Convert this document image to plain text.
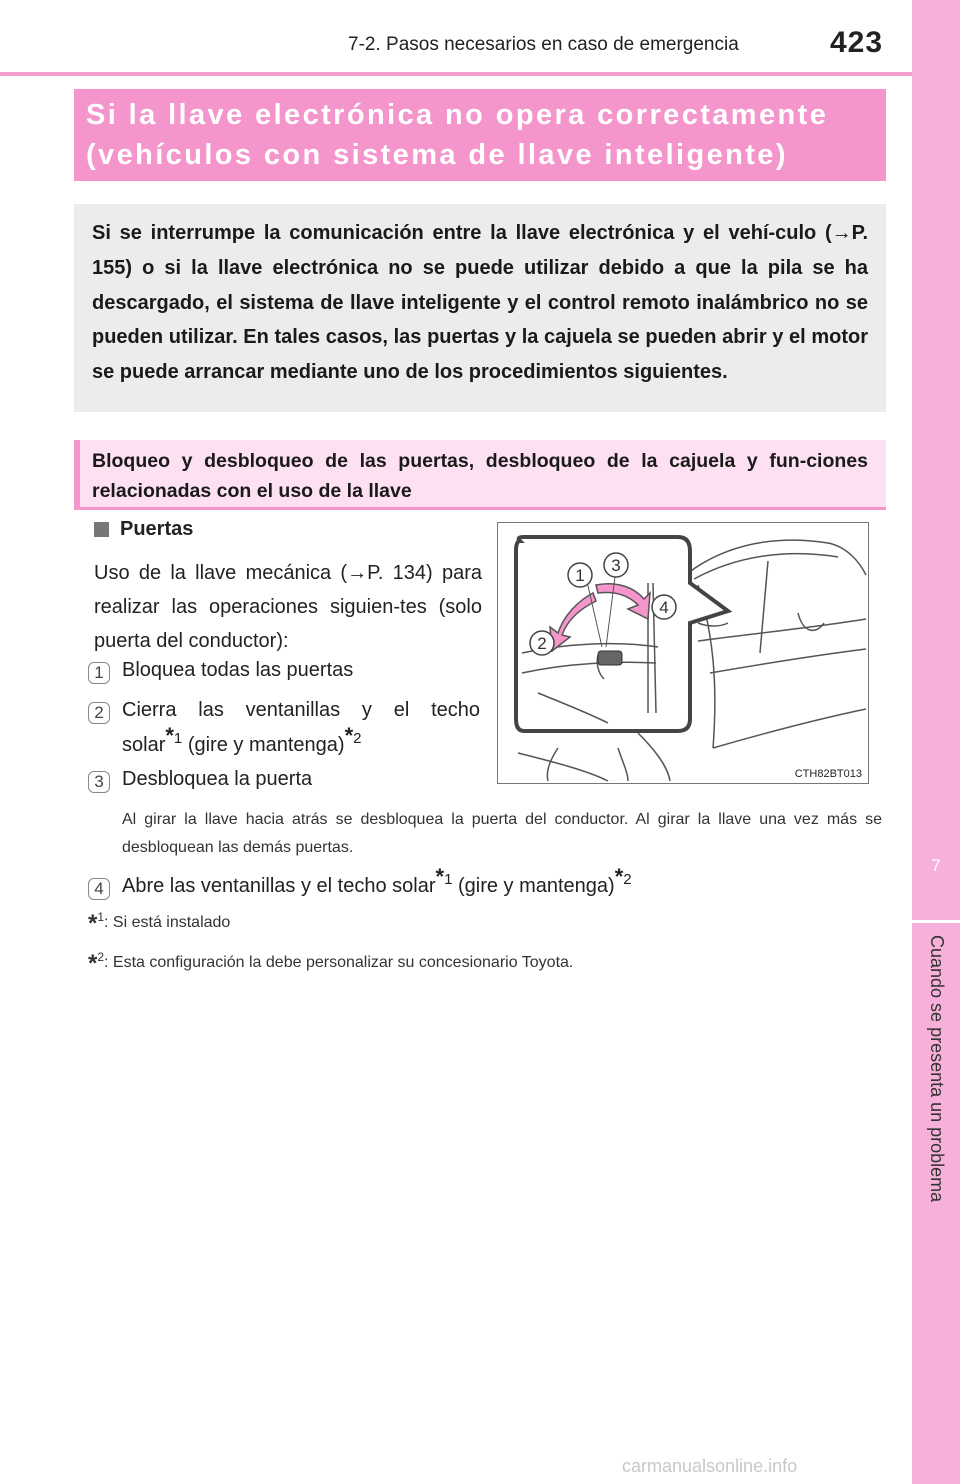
7-2. Pasos necesarios en caso de emergencia	423
7
Cuando se presenta un problema
Si la llave electrónica no opera correctamente
(vehículos con sistema de llave inteligente)
Si se interrumpe la comunicación entre la llave electrónica y el vehí-culo (→P. 155) o si la llave electrónica no se puede utilizar debido a que la pila se ha descargado, el sistema de llave inteligente y el control remoto inalámbrico no se pueden utilizar. En tales casos, las puertas y la cajuela se pueden abrir y el motor se puede arrancar mediante uno de los procedimientos siguientes.
Bloqueo y desbloqueo de las puertas, desbloqueo de la cajuela y fun-ciones relacionadas con el uso de la llave
Puertas
Uso de la llave mecánica (→P. 134) para realizar las operaciones siguien-tes (solo puerta del conductor):
1 Bloquea todas las puertas
2 Cierra las ventanillas y el techo
solar$^{*1}$ (gire y mantenga)$^{*2}$
3 Desbloquea la puerta
Al girar la llave hacia atrás se desbloquea la puerta del conductor. Al girar la llave una vez más se desbloquean las demás puertas.
4 Abre las ventanillas y el techo solar$^{*1}$ (gire y mantenga)$^{*2}$
*$^1$: Si está instalado
*$^2$: Esta configuración la debe personalizar su concesionario Toyota.
1
2
3
4
CTH82BT013
carmanualsonline.info
